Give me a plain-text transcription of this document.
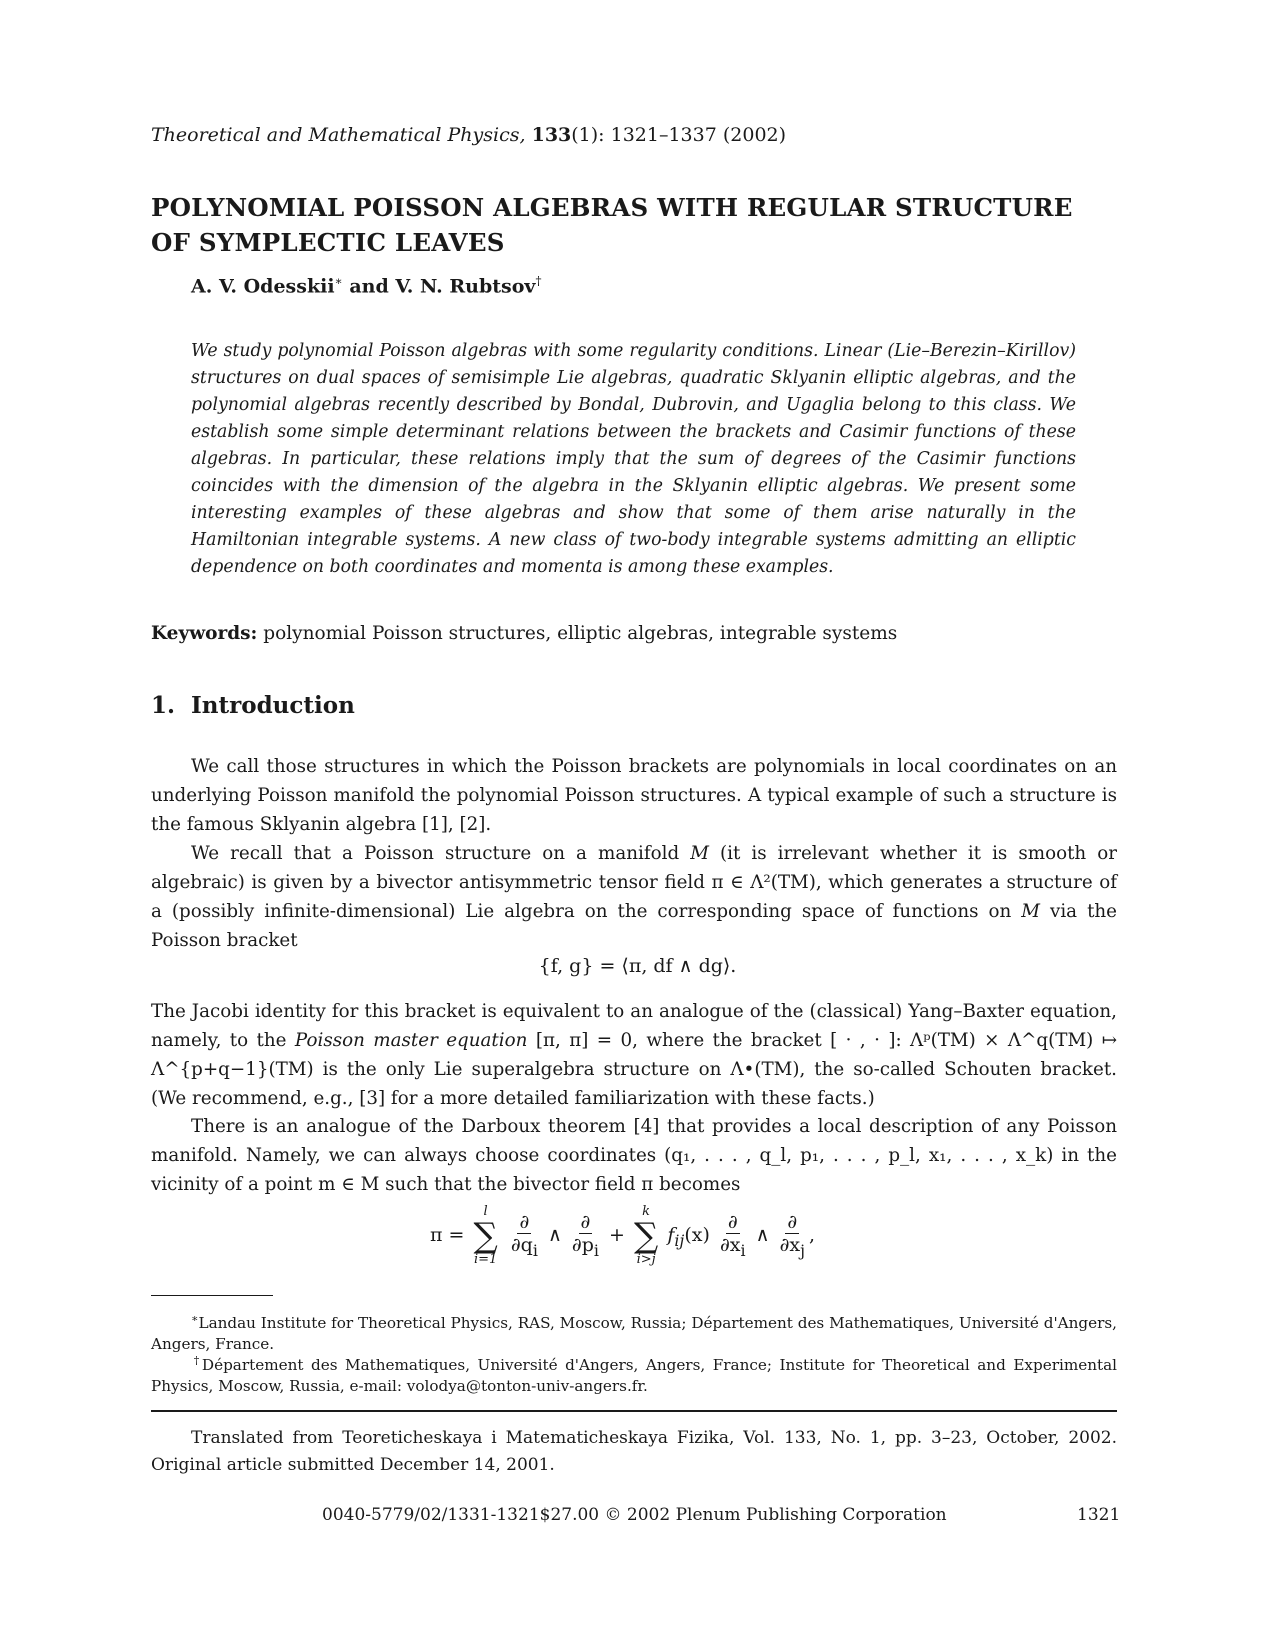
Theoretical and Mathematical Physics, 133(1): 1321–1337 (2002)
POLYNOMIAL POISSON ALGEBRAS WITH REGULAR STRUCTURE OF SYMPLECTIC LEAVES
A. V. Odesskii∗ and V. N. Rubtsov†
We study polynomial Poisson algebras with some regularity conditions. Linear (Lie–Berezin–Kirillov) structures on dual spaces of semisimple Lie algebras, quadratic Sklyanin elliptic algebras, and the polynomial algebras recently described by Bondal, Dubrovin, and Ugaglia belong to this class. We establish some simple determinant relations between the brackets and Casimir functions of these algebras. In particular, these relations imply that the sum of degrees of the Casimir functions coincides with the dimension of the algebra in the Sklyanin elliptic algebras. We present some interesting examples of these algebras and show that some of them arise naturally in the Hamiltonian integrable systems. A new class of two-body integrable systems admitting an elliptic dependence on both coordinates and momenta is among these examples.
Keywords: polynomial Poisson structures, elliptic algebras, integrable systems
1. Introduction
We call those structures in which the Poisson brackets are polynomials in local coordinates on an underlying Poisson manifold the polynomial Poisson structures. A typical example of such a structure is the famous Sklyanin algebra [1], [2].
We recall that a Poisson structure on a manifold M (it is irrelevant whether it is smooth or algebraic) is given by a bivector antisymmetric tensor field π ∈ Λ²(TM), which generates a structure of a (possibly infinite-dimensional) Lie algebra on the corresponding space of functions on M via the Poisson bracket
{f, g} = ⟨π, df ∧ dg⟩.
The Jacobi identity for this bracket is equivalent to an analogue of the (classical) Yang–Baxter equation, namely, to the Poisson master equation [π, π] = 0, where the bracket [ · , · ]: Λᵖ(TM) × Λ^q(TM) ↦ Λ^{p+q−1}(TM) is the only Lie superalgebra structure on Λ•(TM), the so-called Schouten bracket. (We recommend, e.g., [3] for a more detailed familiarization with these facts.)
There is an analogue of the Darboux theorem [4] that provides a local description of any Poisson manifold. Namely, we can always choose coordinates (q₁, . . . , q_l, p₁, . . . , p_l, x₁, . . . , x_k) in the vicinity of a point m ∈ M such that the bivector field π becomes
π =
l
∑
i=1
$\frac{\partial}{\partial q_i}$ ∧ $\frac{\partial}{\partial p_i}$ +
k
∑
i>j
$f_{ij}(x) \frac{\partial}{\partial x_i}$ ∧ $\frac{\partial}{\partial x_j}$ ,
∗Landau Institute for Theoretical Physics, RAS, Moscow, Russia; Département des Mathematiques, Université d'Angers, Angers, France.
†Département des Mathematiques, Université d'Angers, Angers, France; Institute for Theoretical and Experimental Physics, Moscow, Russia, e-mail: volodya@tonton-univ-angers.fr.
Translated from Teoreticheskaya i Matematicheskaya Fizika, Vol. 133, No. 1, pp. 3–23, October, 2002. Original article submitted December 14, 2001.
0040-5779/02/1331-1321$27.00 © 2002 Plenum Publishing Corporation	1321
